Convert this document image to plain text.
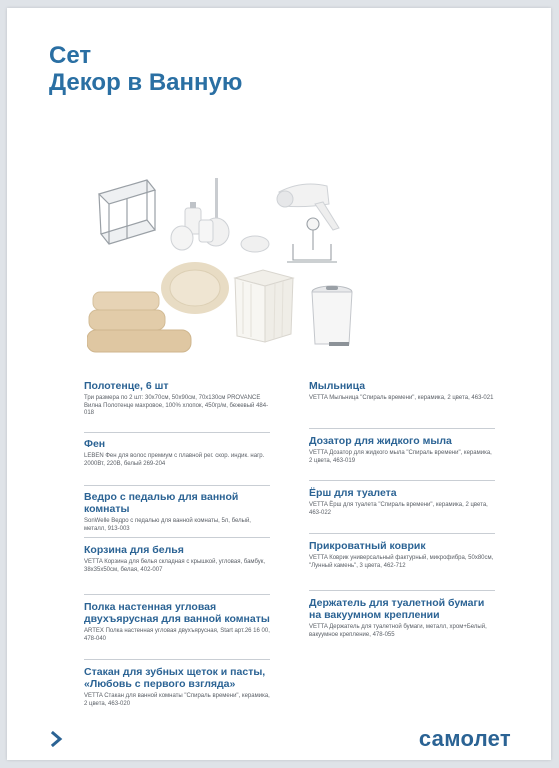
Сет
Декор в Ванную
Полотенце, 6 шт
Три размера по 2 шт: 30х70см, 50х90см, 70х130см PROVANCE Вилна Полотенце махровое, 100% хлопок, 450гр/м, бежевый 484-018
Фен
LEBEN Фен для волос премиум с плавной рег. скор. индик. нагр. 2000Вт, 220В, белый 269-204
Ведро с педалью для ванной комнаты
SonWelle Ведро с педалью для ванной комнаты, 5л, белый, металл, 913-003
Корзина для белья
VETTA Корзина для белья складная с крышкой, угловая, бамбук, 38х35х50см, белая, 402-007
Полка настенная угловая двухъярусная для ванной комнаты
ARTEX Полка настенная угловая двухъярусная, Start арт.26 16 00, 478-040
Стакан для зубных щеток и пасты, «Любовь с первого взгляда»
VETTA Стакан для ванной комнаты "Спираль времени", керамика, 2 цвета, 463-020
Мыльница
VETTA Мыльница "Спираль времени", керамика, 2 цвета, 463-021
Дозатор для жидкого мыла
VETTA Дозатор для жидкого мыла "Спираль времени", керамика, 2 цвета, 463-019
Ёрш для туалета
VETTA Ёрш для туалета "Спираль времени", керамика, 2 цвета, 463-022
Прикроватный коврик
VETTA Коврик универсальный фактурный, микрофибра, 50х80см, "Лунный камень", 3 цвета, 462-712
Держатель для туалетной бумаги на вакуумном креплении
VETTA Держатель для туалетной бумаги, металл, хром+Белый, вакуумное крепление, 478-055
самолет
